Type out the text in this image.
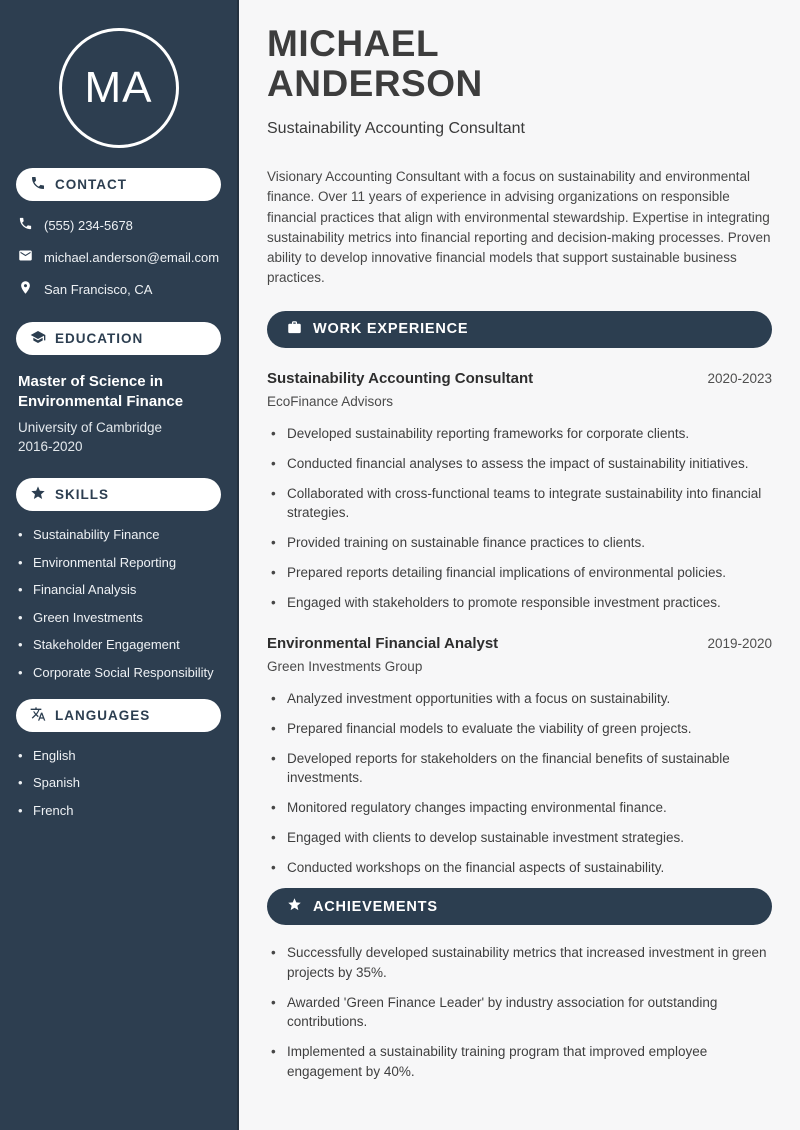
MA
CONTACT
(555) 234-5678
michael.anderson@email.com
San Francisco, CA
EDUCATION
Master of Science in Environmental Finance
University of Cambridge
2016-2020
SKILLS
• Sustainability Finance
• Environmental Reporting
• Financial Analysis
• Green Investments
• Stakeholder Engagement
• Corporate Social Responsibility
LANGUAGES
• English
• Spanish
• French
MICHAEL
ANDERSON
Sustainability Accounting Consultant

Visionary Accounting Consultant with a focus on sustainability and environmental finance. Over 11 years of experience in advising organizations on responsible financial practices that align with environmental stewardship. Expertise in integrating sustainability metrics into financial reporting and decision-making processes. Proven ability to develop innovative financial models that support sustainable business practices.

WORK EXPERIENCE
Sustainability Accounting Consultant	2020-2023
EcoFinance Advisors
• Developed sustainability reporting frameworks for corporate clients.
• Conducted financial analyses to assess the impact of sustainability initiatives.
• Collaborated with cross-functional teams to integrate sustainability into financial strategies.
• Provided training on sustainable finance practices to clients.
• Prepared reports detailing financial implications of environmental policies.
• Engaged with stakeholders to promote responsible investment practices.
Environmental Financial Analyst	2019-2020
Green Investments Group
• Analyzed investment opportunities with a focus on sustainability.
• Prepared financial models to evaluate the viability of green projects.
• Developed reports for stakeholders on the financial benefits of sustainable investments.
• Monitored regulatory changes impacting environmental finance.
• Engaged with clients to develop sustainable investment strategies.
• Conducted workshops on the financial aspects of sustainability.
ACHIEVEMENTS
• Successfully developed sustainability metrics that increased investment in green projects by 35%.
• Awarded 'Green Finance Leader' by industry association for outstanding contributions.
• Implemented a sustainability training program that improved employee engagement by 40%.
